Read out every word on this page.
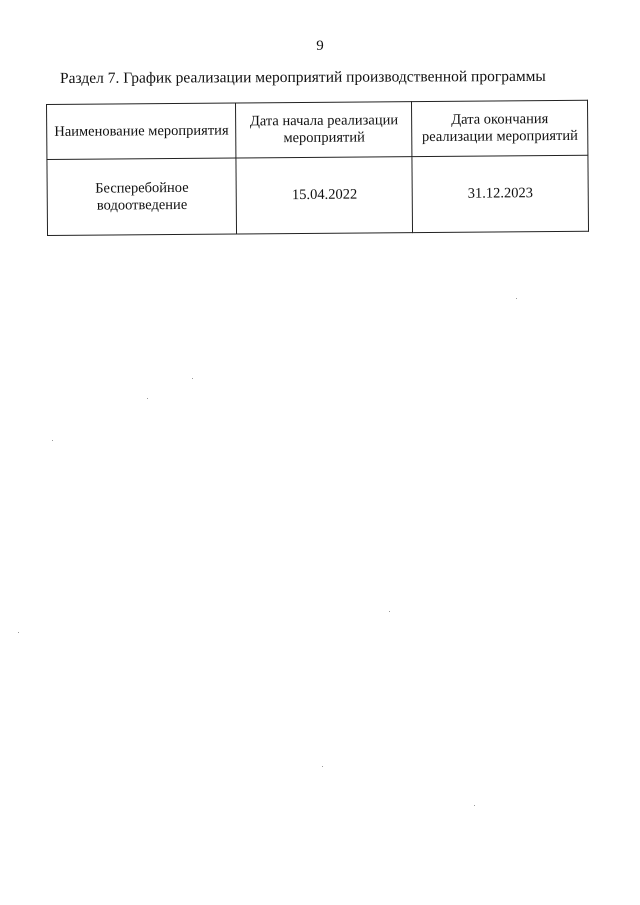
9
Раздел 7. График реализации мероприятий производственной программы
Наименование мероприятия	Дата начала реализации мероприятий	Дата окончания реализации мероприятий
Бесперебойное водоотведение	15.04.2022	31.12.2023
